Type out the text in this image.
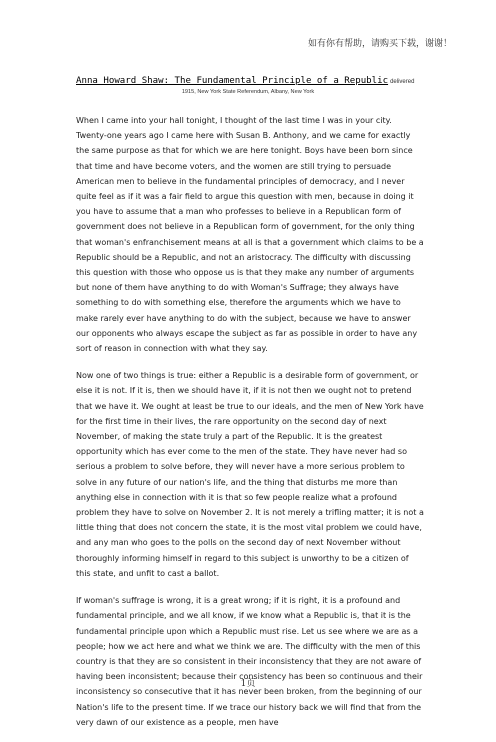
如有你有帮助，请购买下载，谢谢！
Anna Howard Shaw: The Fundamental Principle of a Republic delivered
1915, New York State Referendum, Albany, New York

When I came into your hall tonight, I thought of the last time I was in your city. Twenty-one years ago I came here with Susan B. Anthony, and we came for exactly the same purpose as that for which we are here tonight. Boys have been born since that time and have become voters, and the women are still trying to persuade American men to believe in the fundamental principles of democracy, and I never quite feel as if it was a fair field to argue this question with men, because in doing it you have to assume that a man who professes to believe in a Republican form of government does not believe in a Republican form of government, for the only thing that woman's enfranchisement means at all is that a government which claims to be a Republic should be a Republic, and not an aristocracy. The difficulty with discussing this question with those who oppose us is that they make any number of arguments but none of them have anything to do with Woman's Suffrage; they always have something to do with something else, therefore the arguments which we have to make rarely ever have anything to do with the subject, because we have to answer our opponents who always escape the subject as far as possible in order to have any sort of reason in connection with what they say.

Now one of two things is true: either a Republic is a desirable form of government, or else it is not. If it is, then we should have it, if it is not then we ought not to pretend that we have it. We ought at least be true to our ideals, and the men of New York have for the first time in their lives, the rare opportunity on the second day of next November, of making the state truly a part of the Republic. It is the greatest opportunity which has ever come to the men of the state. They have never had so serious a problem to solve before, they will never have a more serious problem to solve in any future of our nation's life, and the thing that disturbs me more than anything else in connection with it is that so few people realize what a profound problem they have to solve on November 2. It is not merely a trifling matter; it is not a little thing that does not concern the state, it is the most vital problem we could have, and any man who goes to the polls on the second day of next November without thoroughly informing himself in regard to this subject is unworthy to be a citizen of this state, and unfit to cast a ballot.

If woman's suffrage is wrong, it is a great wrong; if it is right, it is a profound and fundamental principle, and we all know, if we know what a Republic is, that it is the fundamental principle upon which a Republic must rise. Let us see where we are as a people; how we act here and what we think we are. The difficulty with the men of this country is that they are so consistent in their inconsistency that they are not aware of having been inconsistent; because their consistency has been so continuous and their inconsistency so consecutive that it has never been broken, from the beginning of our Nation's life to the present time. If we trace our history back we will find that from the very dawn of our existence as a people, men have

1页
